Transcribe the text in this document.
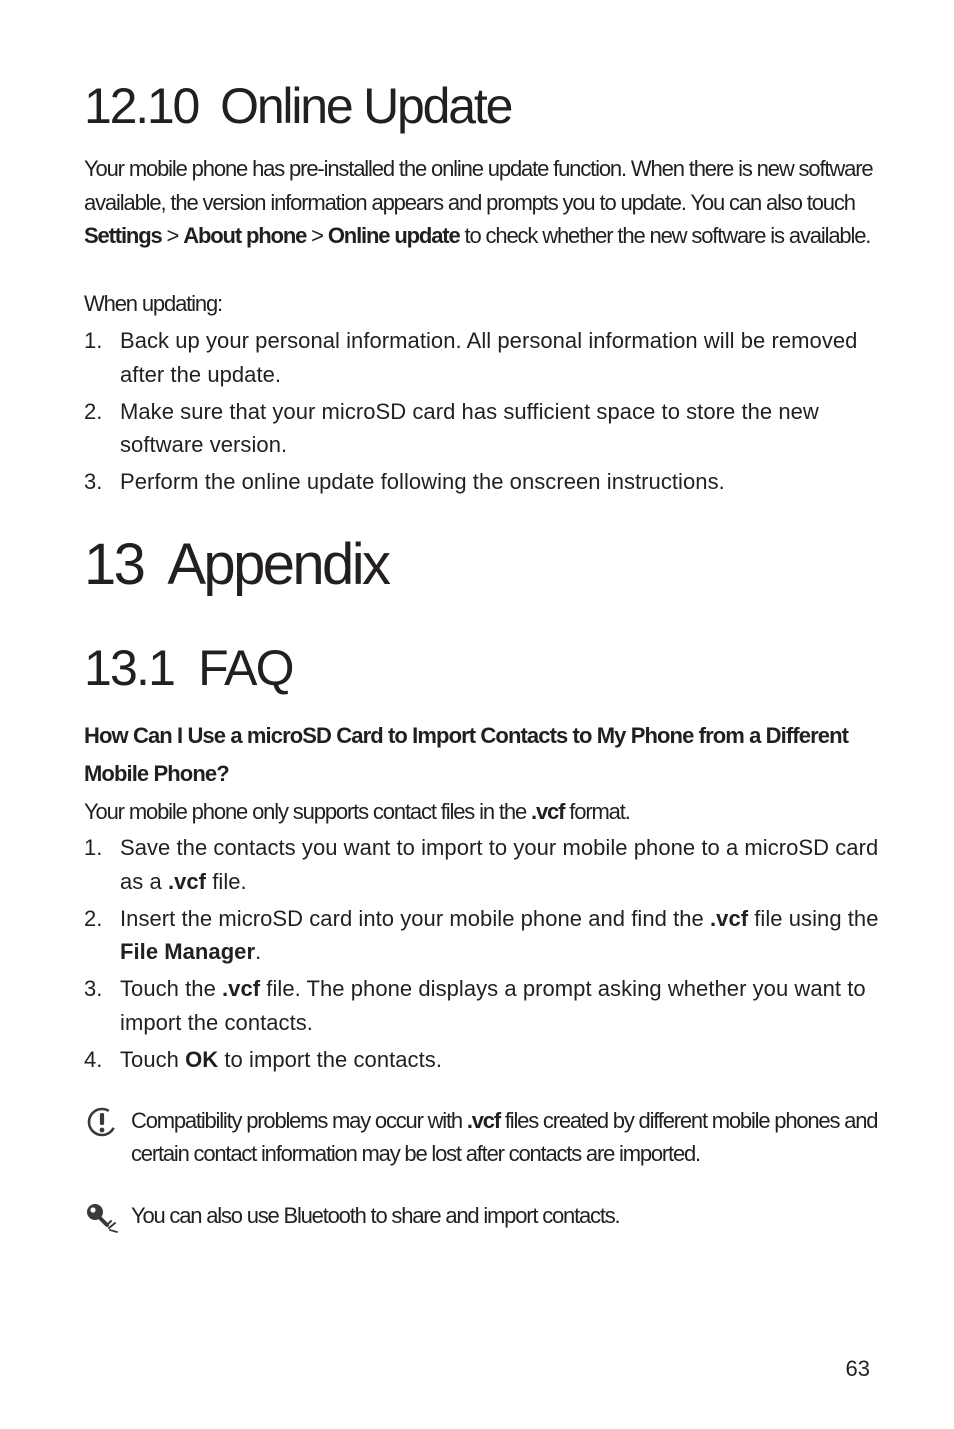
12.10 Online Update

Your mobile phone has pre-installed the online update function. When there is new software available, the version information appears and prompts you to update. You can also touch Settings > About phone > Online update to check whether the new software is available.

When updating:

1. Back up your personal information. All personal information will be removed after the update.
2. Make sure that your microSD card has sufficient space to store the new software version.
3. Perform the online update following the onscreen instructions.
13 Appendix
13.1 FAQ

How Can I Use a microSD Card to Import Contacts to My Phone from a Different Mobile Phone?

Your mobile phone only supports contact files in the .vcf format.

1. Save the contacts you want to import to your mobile phone to a microSD card as a .vcf file.
2. Insert the microSD card into your mobile phone and find the .vcf file using the File Manager.
3. Touch the .vcf file. The phone displays a prompt asking whether you want to import the contacts.
4. Touch OK to import the contacts.
Compatibility problems may occur with .vcf files created by different mobile phones and certain contact information may be lost after contacts are imported.
You can also use Bluetooth to share and import contacts.
63
